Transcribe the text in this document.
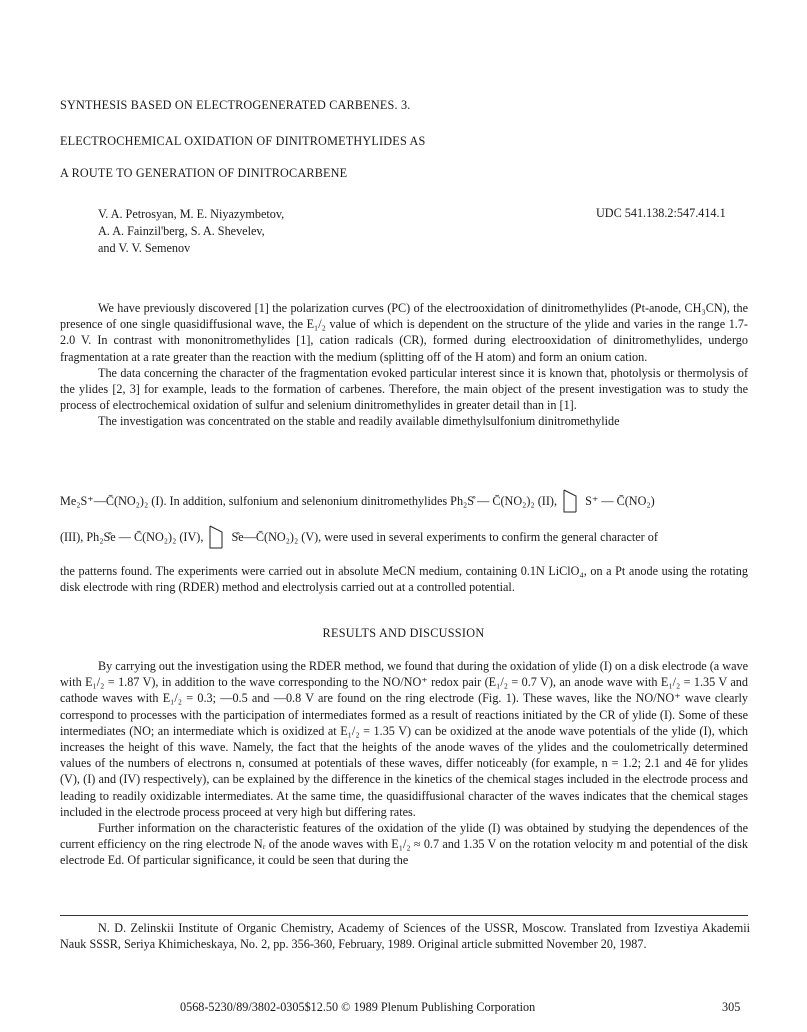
SYNTHESIS BASED ON ELECTROGENERATED CARBENES. 3.
ELECTROCHEMICAL OXIDATION OF DINITROMETHYLIDES AS
A ROUTE TO GENERATION OF DINITROCARBENE
V. A. Petrosyan, M. E. Niyazymbetov,
A. A. Fainzil'berg, S. A. Shevelev,
and V. V. Semenov
UDC 541.138.2:547.414.1

We have previously discovered [1] the polarization curves (PC) of the electrooxidation of dinitromethylides (Pt-anode, CH₃CN), the presence of one single quasidiffusional wave, the E₁/₂ value of which is dependent on the structure of the ylide and varies in the range 1.7-2.0 V. In contrast with mononitromethylides [1], cation radicals (CR), formed during electrooxidation of dinitromethylides, undergo fragmentation at a rate greater than the reaction with the medium (splitting off of the H atom) and form an onium cation.

The data concerning the character of the fragmentation evoked particular interest since it is known that, photolysis or thermolysis of the ylides [2, 3] for example, leads to the formation of carbenes. Therefore, the main object of the present investigation was to study the process of electrochemical oxidation of sulfur and selenium dinitromethylides in greater detail than in [1].

The investigation was concentrated on the stable and readily available dimethylsulfonium dinitromethylide

Me₂S⁺—C̄(NO₂)₂ (I). In addition, sulfonium and selenonium dinitromethylides Ph₂S̊ — C̄(NO₂)₂ (II), S⁺ — C̄(NO₂)
(III), Ph₂S̊e — C̄(NO₂)₂ (IV), S̊e—C̄(NO₂)₂ (V), were used in several experiments to confirm the general character of

the patterns found. The experiments were carried out in absolute MeCN medium, containing 0.1N LiClO₄, on a Pt anode using the rotating disk electrode with ring (RDER) method and electrolysis carried out at a controlled potential.

RESULTS AND DISCUSSION

By carrying out the investigation using the RDER method, we found that during the oxidation of ylide (I) on a disk electrode (a wave with E₁/₂ = 1.87 V), in addition to the wave corresponding to the NO/NO⁺ redox pair (E₁/₂ = 0.7 V), an anode wave with E₁/₂ = 1.35 V and cathode waves with E₁/₂ = 0.3; —0.5 and —0.8 V are found on the ring electrode (Fig. 1). These waves, like the NO/NO⁺ wave clearly correspond to processes with the participation of intermediates formed as a result of reactions initiated by the CR of ylide (I). Some of these intermediates (NO; an intermediate which is oxidized at E₁/₂ = 1.35 V) can be oxidized at the anode wave potentials of the ylide (I), which increases the height of this wave. Namely, the fact that the heights of the anode waves of the ylides and the coulometrically determined values of the numbers of electrons n, consumed at potentials of these waves, differ noticeably (for example, n = 1.2; 2.1 and 4ē for ylides (V), (I) and (IV) respectively), can be explained by the difference in the kinetics of the chemical stages included in the electrode process and leading to readily oxidizable intermediates. At the same time, the quasidiffusional character of the waves indicates that the chemical stages included in the electrode process proceed at very high but differing rates.

Further information on the characteristic features of the oxidation of the ylide (I) was obtained by studying the dependences of the current efficiency on the ring electrode Nᵣ of the anode waves with E₁/₂ ≈ 0.7 and 1.35 V on the rotation velocity m and potential of the disk electrode Ed. Of particular significance, it could be seen that during the

N. D. Zelinskii Institute of Organic Chemistry, Academy of Sciences of the USSR, Moscow. Translated from Izvestiya Akademii Nauk SSSR, Seriya Khimicheskaya, No. 2, pp. 356-360, February, 1989. Original article submitted November 20, 1987.

0568-5230/89/3802-0305$12.50 © 1989 Plenum Publishing Corporation	305
